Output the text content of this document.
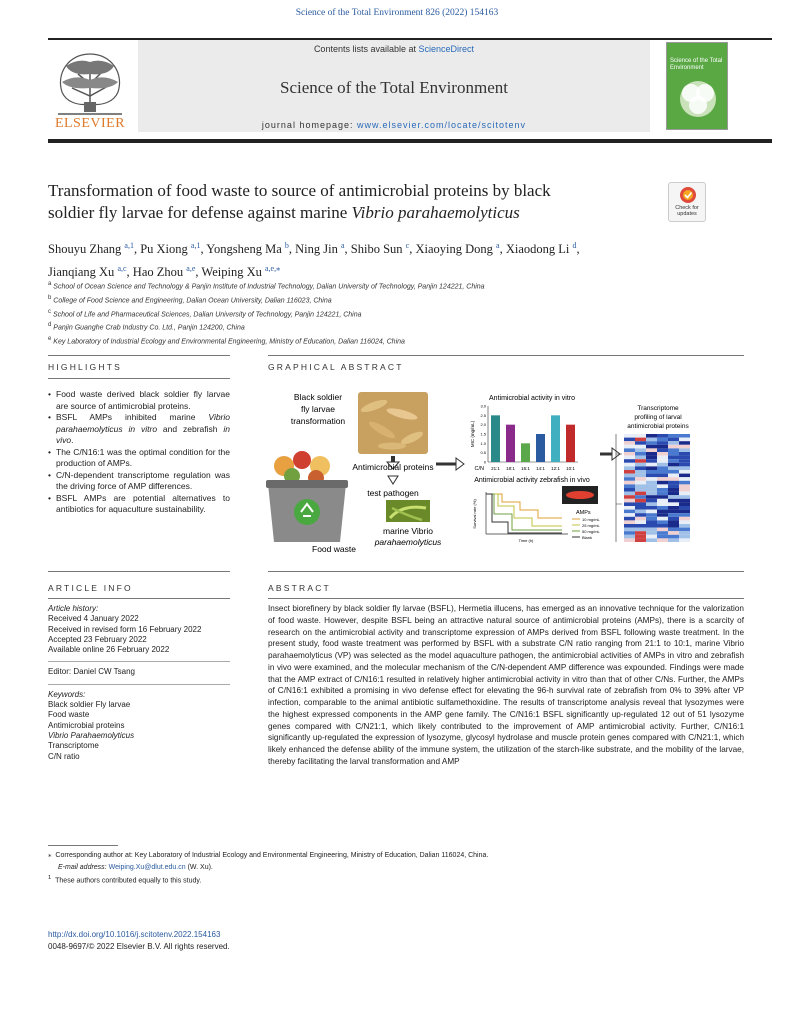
Science of the Total Environment 826 (2022) 154163
ELSEVIER
Contents lists available at ScienceDirect
Science of the Total Environment
journal homepage: www.elsevier.com/locate/scitotenv
Science of the Total Environment
Transformation of food waste to source of antimicrobial proteins by black
soldier fly larvae for defense against marine Vibrio parahaemolyticus	Check for updates
Shouyu Zhang $^{a,1}$, Pu Xiong $^{a,1}$, Yongsheng Ma $^b$, Ning Jin $^a$, Shibo Sun $^c$, Xiaoying Dong $^a$, Xiaodong Li $^d$,
Jianqiang Xu $^{a,c}$, Hao Zhou $^{a,e}$, Weiping Xu $^{a,e,⁎}$
$^a$ School of Ocean Science and Technology & Panjin Institute of Industrial Technology, Dalian University of Technology, Panjin 124221, China
$^b$ College of Food Science and Engineering, Dalian Ocean University, Dalian 116023, China
$^c$ School of Life and Pharmaceutical Sciences, Dalian University of Technology, Panjin 124221, China
$^d$ Panjin Guanghe Crab Industry Co. Ltd., Panjin 124200, China
$^e$ Key Laboratory of Industrial Ecology and Environmental Engineering, Ministry of Education, Dalian 116024, China
HIGHLIGHTS
• Food waste derived black soldier fly larvae are source of antimicrobial proteins.
• BSFL AMPs inhibited marine Vibrio parahaemolyticus in vitro and zebrafish in vivo.
• The C/N16:1 was the optimal condition for the production of AMPs.
• C/N-dependent transcriptome regulation was the driving force of AMP differences.
• BSFL AMPs are potential alternatives to antibiotics for aquaculture sustainability.
GRAPHICAL ABSTRACT
Black soldier
fly larvae
transformation
Antimicrobial proteins
test pathogen
marine Vibrio
parahaemolyticus
Food waste
Antimicrobial activity in vitro
0
0.5
1.0
1.5
2.0
2.5
3.0
MIC (mg/mL)
C/N 21:1 18:1 16:1 14:1 12:1 10:1
Antimicrobial activity zebrafish in vivo
Survival rate (%)
Time (h)
AMPs
10 mg/mL
25 mg/mL
50 mg/mL
Blank
Transcriptome
profiling of larval
antimicrobial proteins
ARTICLE INFO
Article history:
Received 4 January 2022
Received in revised form 16 February 2022
Accepted 23 February 2022
Available online 26 February 2022
Editor: Daniel CW Tsang
Keywords:
Black soldier Fly larvae
Food waste
Antimicrobial proteins
Vibrio Parahaemolyticus
Transcriptome
C/N ratio
ABSTRACT
Insect biorefinery by black soldier fly larvae (BSFL), Hermetia illucens, has emerged as an innovative technique for the valorization of food waste. However, despite BSFL being an attractive natural source of antimicrobial proteins (AMPs), there is a scarcity of research on the antimicrobial activity and transcriptome expression of AMPs derived from BSFL following waste treatment. In the present study, food waste treatment was performed by BSFL with a substrate C/N ratio ranging from 21:1 to 10:1, marine Vibrio parahaemolyticus (VP) was selected as the model aquaculture pathogen, the antimicrobial activities of AMPs in vitro and zebrafish in vivo were examined, and the molecular mechanism of the C/N-dependent AMP difference was expounded. Findings were made that the AMP extract of C/N16:1 resulted in relatively higher antimicrobial activity in vitro than that of other C/Ns. Further, the AMPs of C/N16:1 exhibited a promising in vivo defense effect for elevating the 96-h survival rate of zebrafish from 0% to 39% after VP infection, comparable to the animal antibiotic sulfamethoxidine. The results of transcriptome analysis reveal that lysozymes were the highest expressed components in the AMP gene family. The C/N16:1 BSFL significantly up-regulated 12 out of 51 lysozyme genes compared with C/N21:1, which likely contributed to the improvement of AMP antimicrobial activity. Further, C/N16:1 significantly up-regulated the expression of lysozyme, glycosyl hydrolase and muscle protein genes compared with C/N21:1, which likely enhanced the defense ability of the immune system, the utilization of the starch-like substrate, and the mobility of the larvae, thereby facilitating the larval transformation and AMP
⁎  Corresponding author at: Key Laboratory of Industrial Ecology and Environmental Engineering, Ministry of Education, Dalian 116024, China.
E-mail address: Weiping.Xu@dlut.edu.cn (W. Xu).
$^1$ These authors contributed equally to this study.
http://dx.doi.org/10.1016/j.scitotenv.2022.154163
0048-9697/© 2022 Elsevier B.V. All rights reserved.
